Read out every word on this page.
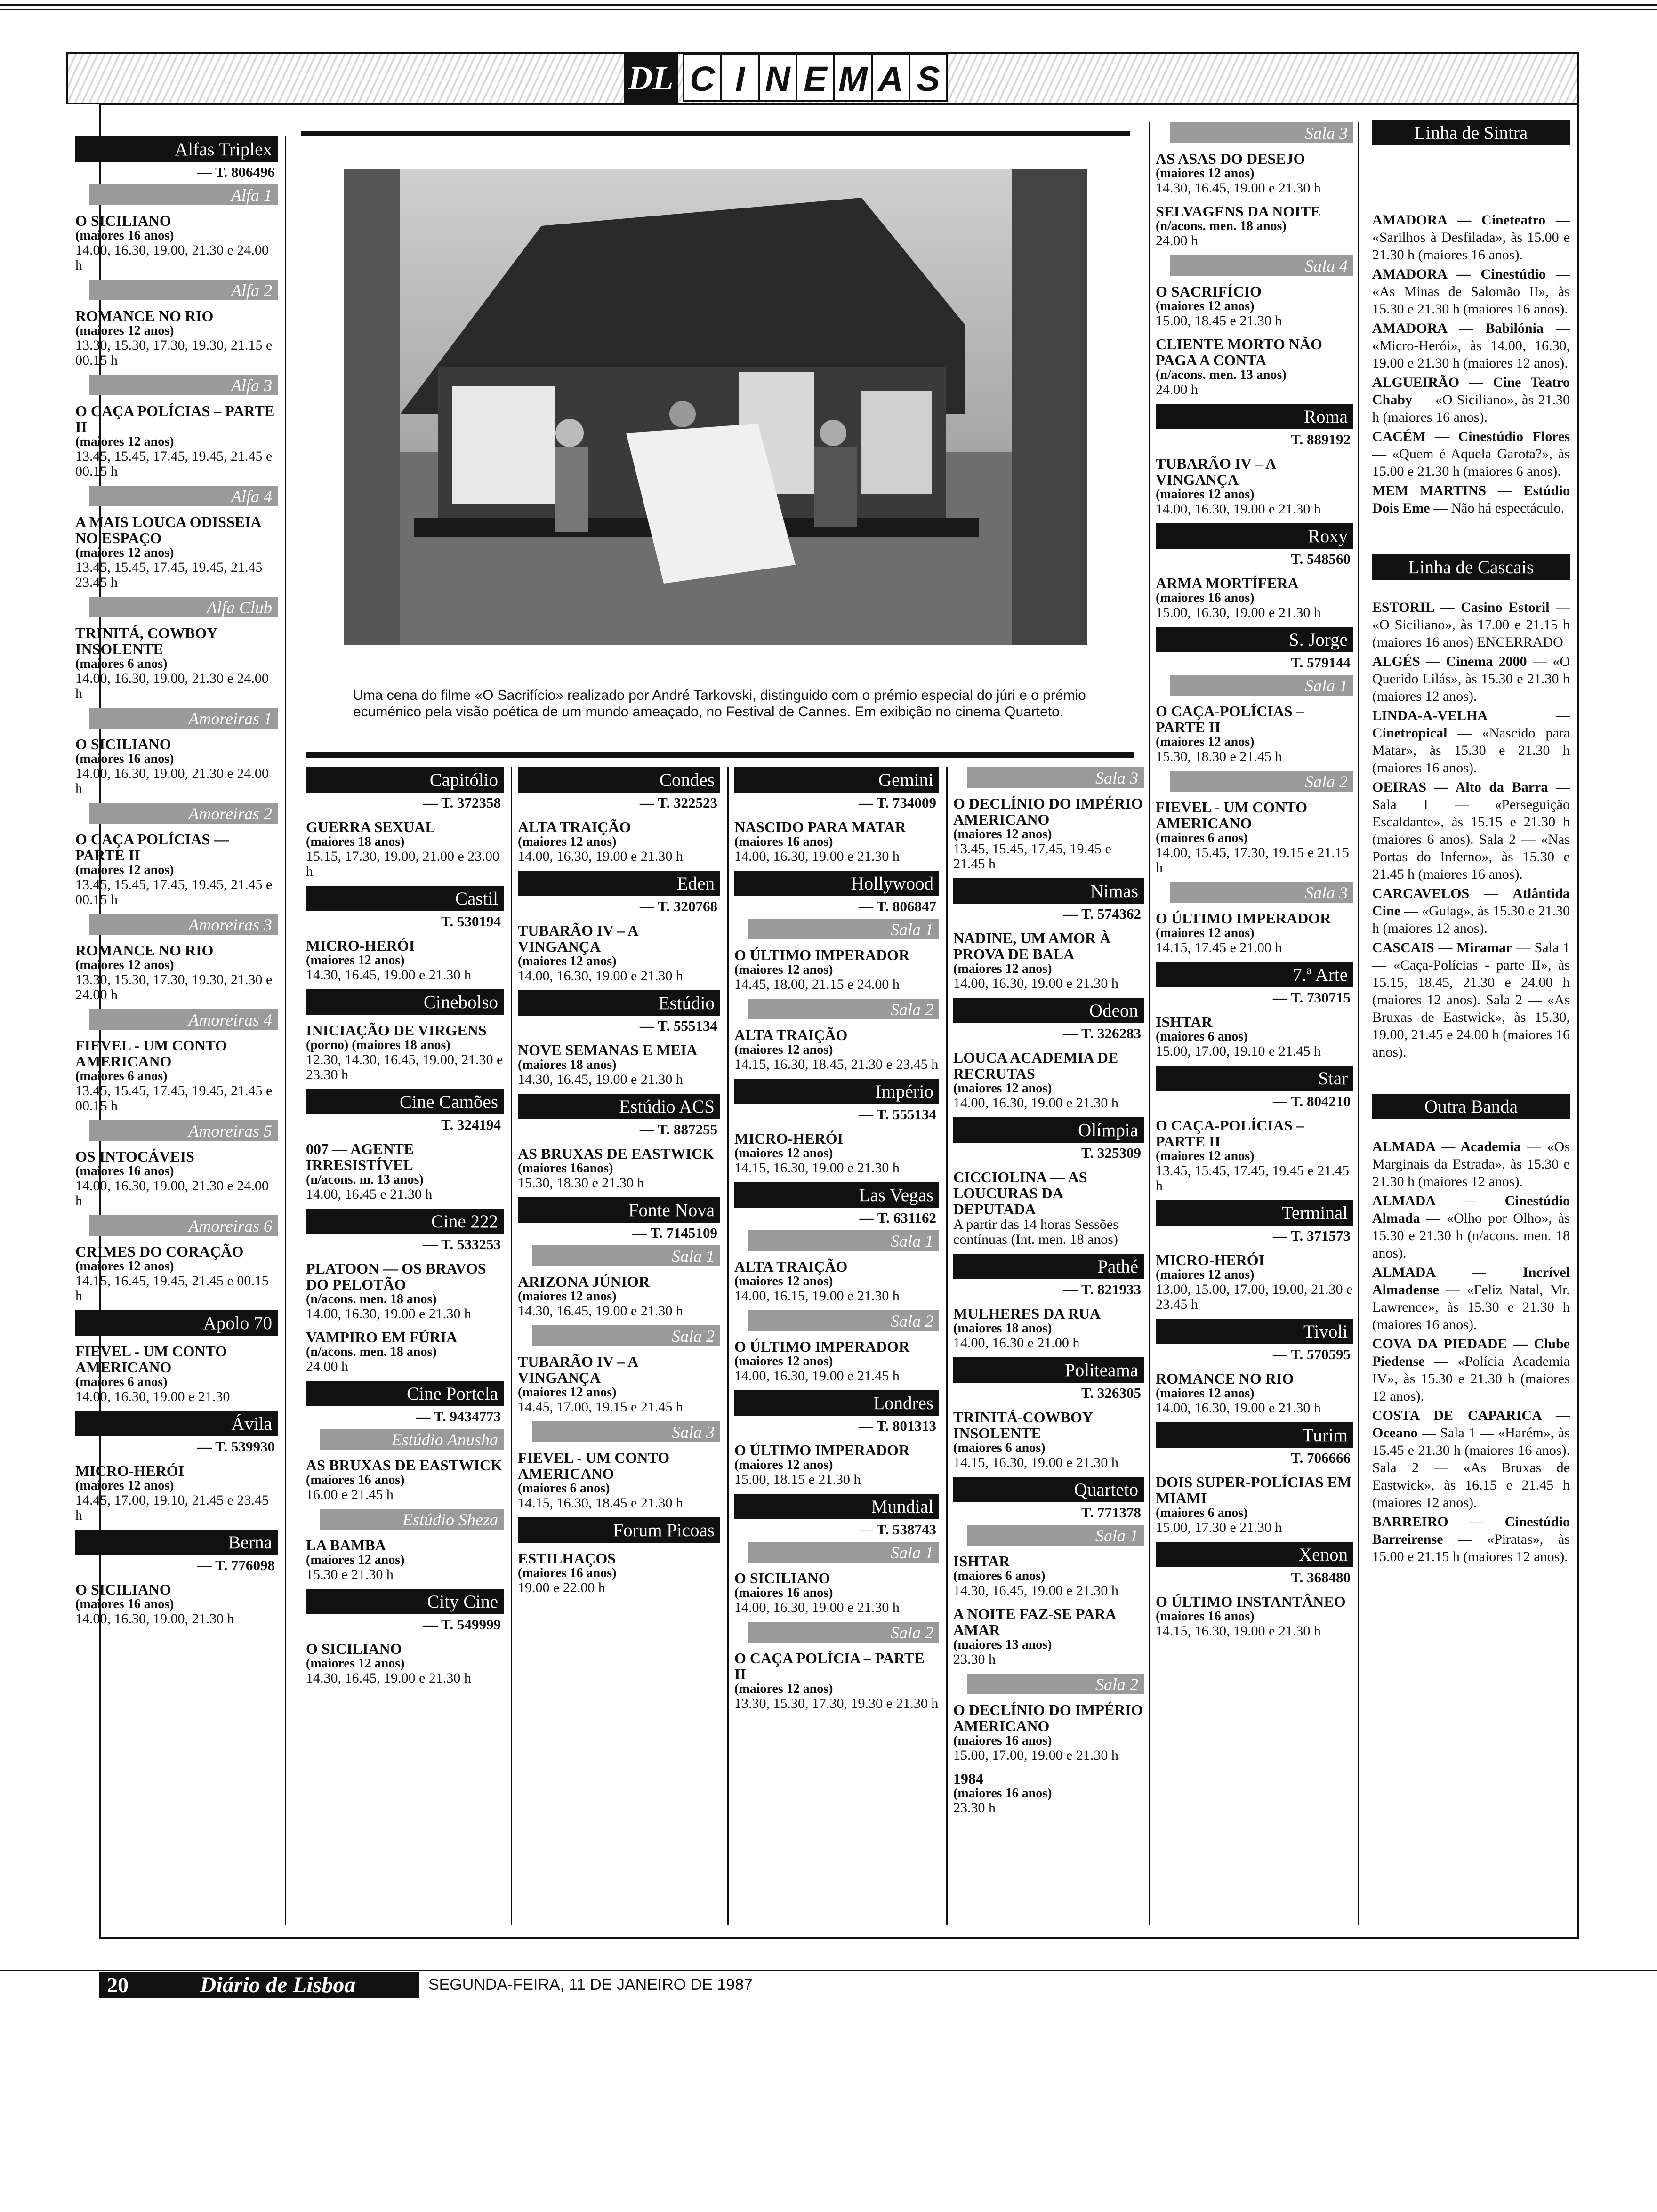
DL C I N E M A S
Uma cena do filme «O Sacrifício» realizado por André Tarkovski, distinguido com o prémio especial do júri e o prémio ecuménico pela visão poética de um mundo ameaçado, no Festival de Cannes. Em exibição no cinema Quarteto.
Alfas Triplex
— T. 806496
Alfa 1
O SICILIANO
(maiores 16 anos)
14.00, 16.30, 19.00, 21.30 e 24.00 h
Alfa 2
ROMANCE NO RIO
(maiores 12 anos)
13.30, 15.30, 17.30, 19.30, 21.15 e 00.15 h
Alfa 3
O CAÇA POLÍCIAS – PARTE II
(maiores 12 anos)
13.45, 15.45, 17.45, 19.45, 21.45 e 00.15 h
Alfa 4
A MAIS LOUCA ODISSEIA NO ESPAÇO
(maiores 12 anos)
13.45, 15.45, 17.45, 19.45, 21.45 23.45 h
Alfa Club
TRINITÁ, COWBOY INSOLENTE
(maiores 6 anos)
14.00, 16.30, 19.00, 21.30 e 24.00 h
Amoreiras 1
O SICILIANO
(maiores 16 anos)
14.00, 16.30, 19.00, 21.30 e 24.00 h
Amoreiras 2
O CAÇA POLÍCIAS — PARTE II
(maiores 12 anos)
13.45, 15.45, 17.45, 19.45, 21.45 e 00.15 h
Amoreiras 3
ROMANCE NO RIO
(maiores 12 anos)
13.30, 15.30, 17.30, 19.30, 21.30 e 24.00 h
Amoreiras 4
FIEVEL - UM CONTO AMERICANO
(maiores 6 anos)
13.45, 15.45, 17.45, 19.45, 21.45 e 00.15 h
Amoreiras 5
OS INTOCÁVEIS
(maiores 16 anos)
14.00, 16.30, 19.00, 21.30 e 24.00 h
Amoreiras 6
CRIMES DO CORAÇÃO
(maiores 12 anos)
14.15, 16.45, 19.45, 21.45 e 00.15 h
Apolo 70
FIEVEL - UM CONTO AMERICANO
(maiores 6 anos)
14.00, 16.30, 19.00 e 21.30
Ávila
— T. 539930
MICRO-HERÓI
(maiores 12 anos)
14.45, 17.00, 19.10, 21.45 e 23.45 h
Berna
— T. 776098
O SICILIANO
(maiores 16 anos)
14.00, 16.30, 19.00, 21.30 h
Capitólio
— T. 372358
GUERRA SEXUAL
(maiores 18 anos)
15.15, 17.30, 19.00, 21.00 e 23.00 h
Castil
T. 530194
MICRO-HERÓI
(maiores 12 anos)
14.30, 16.45, 19.00 e 21.30 h
Cinebolso
INICIAÇÃO DE VIRGENS
(porno) (maiores 18 anos)
12.30, 14.30, 16.45, 19.00, 21.30 e 23.30 h
Cine Camões
T. 324194
007 — AGENTE IRRESISTÍVEL
(n/acons. m. 13 anos)
14.00, 16.45 e 21.30 h
Cine 222
— T. 533253
PLATOON — OS BRAVOS DO PELOTÃO
(n/acons. men. 18 anos)
14.00, 16.30, 19.00 e 21.30 h
VAMPIRO EM FÚRIA
(n/acons. men. 18 anos)
24.00 h
Cine Portela
— T. 9434773
Estúdio Anusha
AS BRUXAS DE EASTWICK
(maiores 16 anos)
16.00 e 21.45 h
Estúdio Sheza
LA BAMBA
(maiores 12 anos)
15.30 e 21.30 h
City Cine
— T. 549999
O SICILIANO
(maiores 12 anos)
14.30, 16.45, 19.00 e 21.30 h
Condes
— T. 322523
ALTA TRAIÇÃO
(maiores 12 anos)
14.00, 16.30, 19.00 e 21.30 h
Eden
— T. 320768
TUBARÃO IV – A VINGANÇA
(maiores 12 anos)
14.00, 16.30, 19.00 e 21.30 h
Estúdio
— T. 555134
NOVE SEMANAS E MEIA
(maiores 18 anos)
14.30, 16.45, 19.00 e 21.30 h
Estúdio ACS
— T. 887255
AS BRUXAS DE EASTWICK
(maiores 16anos)
15.30, 18.30 e 21.30 h
Fonte Nova
— T. 7145109
Sala 1
ARIZONA JÚNIOR
(maiores 12 anos)
14.30, 16.45, 19.00 e 21.30 h
Sala 2
TUBARÃO IV – A VINGANÇA
(maiores 12 anos)
14.45, 17.00, 19.15 e 21.45 h
Sala 3
FIEVEL - UM CONTO AMERICANO
(maiores 6 anos)
14.15, 16.30, 18.45 e 21.30 h
Forum Picoas
ESTILHAÇOS
(maiores 16 anos)
19.00 e 22.00 h
Gemini
— T. 734009
NASCIDO PARA MATAR
(maiores 16 anos)
14.00, 16.30, 19.00 e 21.30 h
Hollywood
— T. 806847
Sala 1
O ÚLTIMO IMPERADOR
(maiores 12 anos)
14.45, 18.00, 21.15 e 24.00 h
Sala 2
ALTA TRAIÇÃO
(maiores 12 anos)
14.15, 16.30, 18.45, 21.30 e 23.45 h
Império
— T. 555134
MICRO-HERÓI
(maiores 12 anos)
14.15, 16.30, 19.00 e 21.30 h
Las Vegas
— T. 631162
Sala 1
ALTA TRAIÇÃO
(maiores 12 anos)
14.00, 16.15, 19.00 e 21.30 h
Sala 2
O ÚLTIMO IMPERADOR
(maiores 12 anos)
14.00, 16.30, 19.00 e 21.45 h
Londres
— T. 801313
O ÚLTIMO IMPERADOR
(maiores 12 anos)
15.00, 18.15 e 21.30 h
Mundial
— T. 538743
Sala 1
O SICILIANO
(maiores 16 anos)
14.00, 16.30, 19.00 e 21.30 h
Sala 2
O CAÇA POLÍCIA – PARTE II
(maiores 12 anos)
13.30, 15.30, 17.30, 19.30 e 21.30 h
Sala 3
O DECLÍNIO DO IMPÉRIO AMERICANO
(maiores 12 anos)
13.45, 15.45, 17.45, 19.45 e 21.45 h
Nimas
— T. 574362
NADINE, UM AMOR À PROVA DE BALA
(maiores 12 anos)
14.00, 16.30, 19.00 e 21.30 h
Odeon
— T. 326283
LOUCA ACADEMIA DE RECRUTAS
(maiores 12 anos)
14.00, 16.30, 19.00 e 21.30 h
Olímpia
T. 325309
CICCIOLINA — AS LOUCURAS DA DEPUTADA
A partir das 14 horas Sessões contínuas (Int. men. 18 anos)
Pathé
— T. 821933
MULHERES DA RUA
(maiores 18 anos)
14.00, 16.30 e 21.00 h
Politeama
T. 326305
TRINITÁ-COWBOY INSOLENTE
(maiores 6 anos)
14.15, 16.30, 19.00 e 21.30 h
Quarteto
T. 771378
Sala 1
ISHTAR
(maiores 6 anos)
14.30, 16.45, 19.00 e 21.30 h
A NOITE FAZ-SE PARA AMAR
(maiores 13 anos)
23.30 h
Sala 2
O DECLÍNIO DO IMPÉRIO AMERICANO
(maiores 16 anos)
15.00, 17.00, 19.00 e 21.30 h
1984
(maiores 16 anos)
23.30 h
Sala 3
AS ASAS DO DESEJO
(maiores 12 anos)
14.30, 16.45, 19.00 e 21.30 h
SELVAGENS DA NOITE
(n/acons. men. 18 anos)
24.00 h
Sala 4
O SACRIFÍCIO
(maiores 12 anos)
15.00, 18.45 e 21.30 h
CLIENTE MORTO NÃO PAGA A CONTA
(n/acons. men. 13 anos)
24.00 h
Roma
T. 889192
TUBARÃO IV – A VINGANÇA
(maiores 12 anos)
14.00, 16.30, 19.00 e 21.30 h
Roxy
T. 548560
ARMA MORTÍFERA
(maiores 16 anos)
15.00, 16.30, 19.00 e 21.30 h
S. Jorge
T. 579144
Sala 1
O CAÇA-POLÍCIAS – PARTE II
(maiores 12 anos)
15.30, 18.30 e 21.45 h
Sala 2
FIEVEL - UM CONTO AMERICANO
(maiores 6 anos)
14.00, 15.45, 17.30, 19.15 e 21.15 h
Sala 3
O ÚLTIMO IMPERADOR
(maiores 12 anos)
14.15, 17.45 e 21.00 h
7.ª Arte
— T. 730715
ISHTAR
(maiores 6 anos)
15.00, 17.00, 19.10 e 21.45 h
Star
— T. 804210
O CAÇA-POLÍCIAS – PARTE II
(maiores 12 anos)
13.45, 15.45, 17.45, 19.45 e 21.45 h
Terminal
— T. 371573
MICRO-HERÓI
(maiores 12 anos)
13.00, 15.00, 17.00, 19.00, 21.30 e 23.45 h
Tivoli
— T. 570595
ROMANCE NO RIO
(maiores 12 anos)
14.00, 16.30, 19.00 e 21.30 h
Turim
T. 706666
DOIS SUPER-POLÍCIAS EM MIAMI
(maiores 6 anos)
15.00, 17.30 e 21.30 h
Xenon
T. 368480
O ÚLTIMO INSTANTÂNEO
(maiores 16 anos)
14.15, 16.30, 19.00 e 21.30 h
Linha de Sintra
AMADORA — Cineteatro — «Sarilhos à Desfilada», às 15.00 e 21.30 h (maiores 16 anos).
AMADORA — Cinestúdio — «As Minas de Salomão II», às 15.30 e 21.30 h (maiores 16 anos).
AMADORA — Babilónia — «Micro-Herói», às 14.00, 16.30, 19.00 e 21.30 h (maiores 12 anos).
ALGUEIRÃO — Cine Teatro Chaby — «O Siciliano», às 21.30 h (maiores 16 anos).
CACÉM — Cinestúdio Flores — «Quem é Aquela Garota?», às 15.00 e 21.30 h (maiores 6 anos).
MEM MARTINS — Estúdio Dois Eme — Não há espectáculo.
Linha de Cascais
ESTORIL — Casino Estoril — «O Siciliano», às 17.00 e 21.15 h (maiores 16 anos) ENCERRADO
ALGÉS — Cinema 2000 — «O Querido Lilás», às 15.30 e 21.30 h (maiores 12 anos).
LINDA-A-VELHA — Cinetropical — «Nascido para Matar», às 15.30 e 21.30 h (maiores 16 anos).
OEIRAS — Alto da Barra — Sala 1 — «Perseguição Escaldante», às 15.15 e 21.30 h (maiores 6 anos). Sala 2 — «Nas Portas do Inferno», às 15.30 e 21.45 h (maiores 16 anos).
CARCAVELOS — Atlântida Cine — «Gulag», às 15.30 e 21.30 h (maiores 12 anos).
CASCAIS — Miramar — Sala 1 — «Caça-Polícias - parte II», às 15.15, 18.45, 21.30 e 24.00 h (maiores 12 anos). Sala 2 — «As Bruxas de Eastwick», às 15.30, 19.00, 21.45 e 24.00 h (maiores 16 anos).
Outra Banda
ALMADA — Academia — «Os Marginais da Estrada», às 15.30 e 21.30 h (maiores 12 anos).
ALMADA — Cinestúdio Almada — «Olho por Olho», às 15.30 e 21.30 h (n/acons. men. 18 anos).
ALMADA — Incrível Almadense — «Feliz Natal, Mr. Lawrence», às 15.30 e 21.30 h (maiores 16 anos).
COVA DA PIEDADE — Clube Piedense — «Polícia Academia IV», às 15.30 e 21.30 h (maiores 12 anos).
COSTA DE CAPARICA — Oceano — Sala 1 — «Harém», às 15.45 e 21.30 h (maiores 16 anos). Sala 2 — «As Bruxas de Eastwick», às 16.15 e 21.45 h (maiores 12 anos).
BARREIRO — Cinestúdio Barreirense — «Piratas», às 15.00 e 21.15 h (maiores 12 anos).
20	Diário de Lisboa	SEGUNDA-FEIRA, 11 DE JANEIRO DE 1987
